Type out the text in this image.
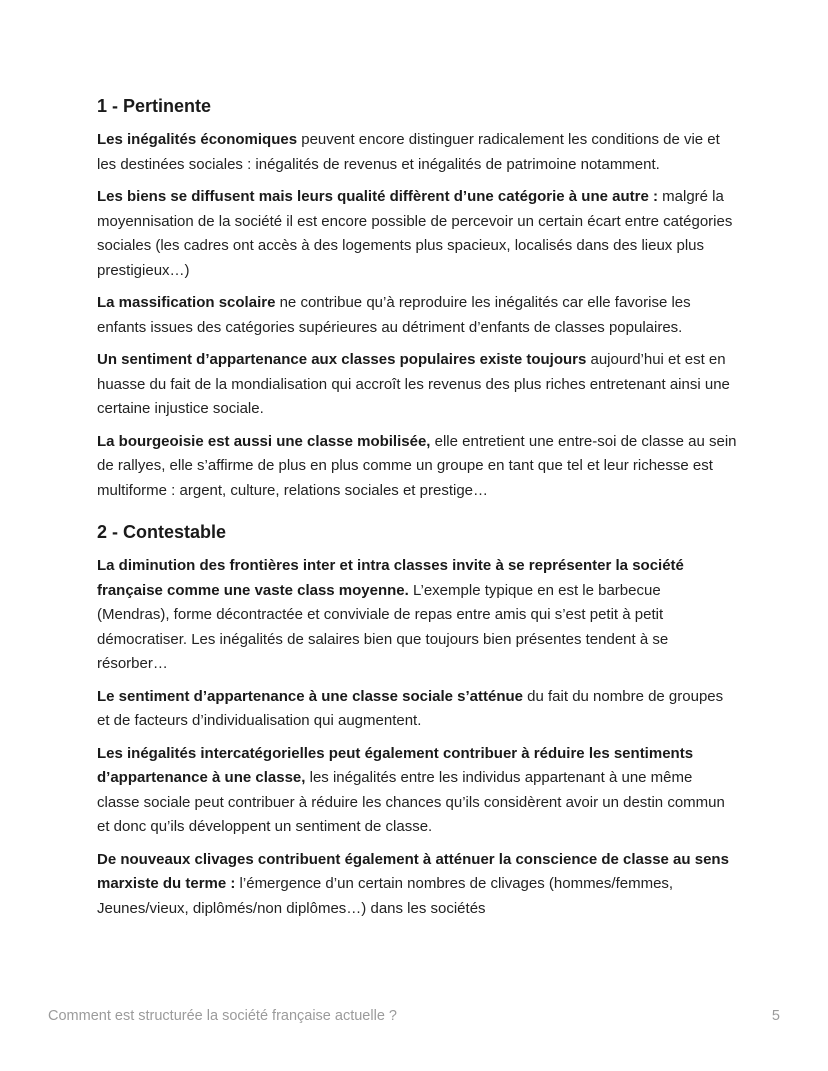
1 - Pertinente

Les inégalités économiques peuvent encore distinguer radicalement les conditions de vie et les destinées sociales : inégalités de revenus et inégalités de patrimoine notamment.

Les biens se diffusent mais leurs qualité diffèrent d’une catégorie à une autre : malgré la moyennisation de la société il est encore possible de percevoir un certain écart entre catégories sociales (les cadres ont accès à des logements plus spacieux, localisés dans des lieux plus prestigieux…)

La massification scolaire ne contribue qu’à reproduire les inégalités car elle favorise les enfants issues des catégories supérieures au détriment d’enfants de classes populaires.

Un sentiment d’appartenance aux classes populaires existe toujours aujourd’hui et est en huasse du fait de la mondialisation qui accroît les revenus des plus riches entretenant ainsi une certaine injustice sociale.

La bourgeoisie est aussi une classe mobilisée, elle entretient une entre-soi de classe au sein de rallyes, elle s’affirme de plus en plus comme un groupe en tant que tel et leur richesse est multiforme : argent, culture, relations sociales et prestige…

2 - Contestable

La diminution des frontières inter et intra classes invite à se représenter la société française comme une vaste class moyenne. L’exemple typique en est le barbecue (Mendras), forme décontractée et conviviale de repas entre amis qui s’est petit à petit démocratiser. Les inégalités de salaires bien que toujours bien présentes tendent à se résorber…

Le sentiment d’appartenance à une classe sociale s’atténue du fait du nombre de groupes et de facteurs d’individualisation qui augmentent.

Les inégalités intercatégorielles peut également contribuer à réduire les sentiments d’appartenance à une classe, les inégalités entre les individus appartenant à une même classe sociale peut contribuer à réduire les chances qu’ils considèrent avoir un destin commun et donc qu’ils développent un sentiment de classe.

De nouveaux clivages contribuent également à atténuer la conscience de classe au sens marxiste du terme : l’émergence d’un certain nombres de clivages (hommes/femmes, Jeunes/vieux, diplômés/non diplômes…) dans les sociétés

Comment est structurée la société française actuelle ?	5
